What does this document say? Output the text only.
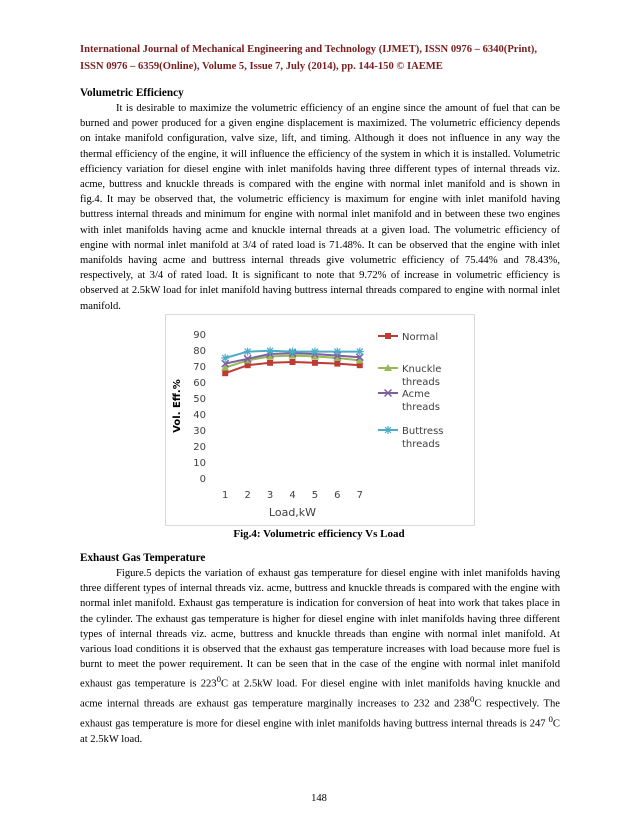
International Journal of Mechanical Engineering and Technology (IJMET), ISSN 0976 – 6340(Print),
ISSN 0976 – 6359(Online), Volume 5, Issue 7, July (2014), pp. 144-150 © IAEME
Volumetric Efficiency

It is desirable to maximize the volumetric efficiency of an engine since the amount of fuel that can be burned and power produced for a given engine displacement is maximized. The volumetric efficiency depends on intake manifold configuration, valve size, lift, and timing. Although it does not influence in any way the thermal efficiency of the engine, it will influence the efficiency of the system in which it is installed. Volumetric efficiency variation for diesel engine with inlet manifolds having three different types of internal threads viz. acme, buttress and knuckle threads is compared with the engine with normal inlet manifold and is shown in fig.4. It may be observed that, the volumetric efficiency is maximum for engine with inlet manifold having buttress internal threads and minimum for engine with normal inlet manifold and in between these two engines with inlet manifolds having acme and knuckle internal threads at a given load. The volumetric efficiency of engine with normal inlet manifold at 3/4 of rated load is 71.48%. It can be observed that the engine with inlet manifolds having acme and buttress internal threads give volumetric efficiency of 75.44% and 78.43%, respectively, at 3/4 of rated load. It is significant to note that 9.72% of increase in volumetric efficiency is observed at 2.5kW load for inlet manifold having buttress internal threads compared to engine with normal inlet manifold.

0
10
20
30
40
50
60
70
80
90
1 2 3 4 5 6 7
Load,kW
Vol. Eff.%
Normal
Knuckle threads
Acme threads
Buttress threads
Fig.4: Volumetric efficiency Vs Load
Exhaust Gas Temperature

Figure.5 depicts the variation of exhaust gas temperature for diesel engine with inlet manifolds having three different types of internal threads viz. acme, buttress and knuckle threads is compared with the engine with normal inlet manifold. Exhaust gas temperature is indication for conversion of heat into work that takes place in the cylinder. The exhaust gas temperature is higher for diesel engine with inlet manifolds having three different types of internal threads viz. acme, buttress and knuckle threads than engine with normal inlet manifold. At various load conditions it is observed that the exhaust gas temperature increases with load because more fuel is burnt to meet the power requirement. It can be seen that in the case of the engine with normal inlet manifold exhaust gas temperature is $223^0C$ at 2.5kW load. For diesel engine with inlet manifolds having knuckle and acme internal threads are exhaust gas temperature marginally increases to 232 and $238^0C$ respectively. The exhaust gas temperature is more for diesel engine with inlet manifolds having buttress internal threads is 247 $^0$C at 2.5kW load.

148
